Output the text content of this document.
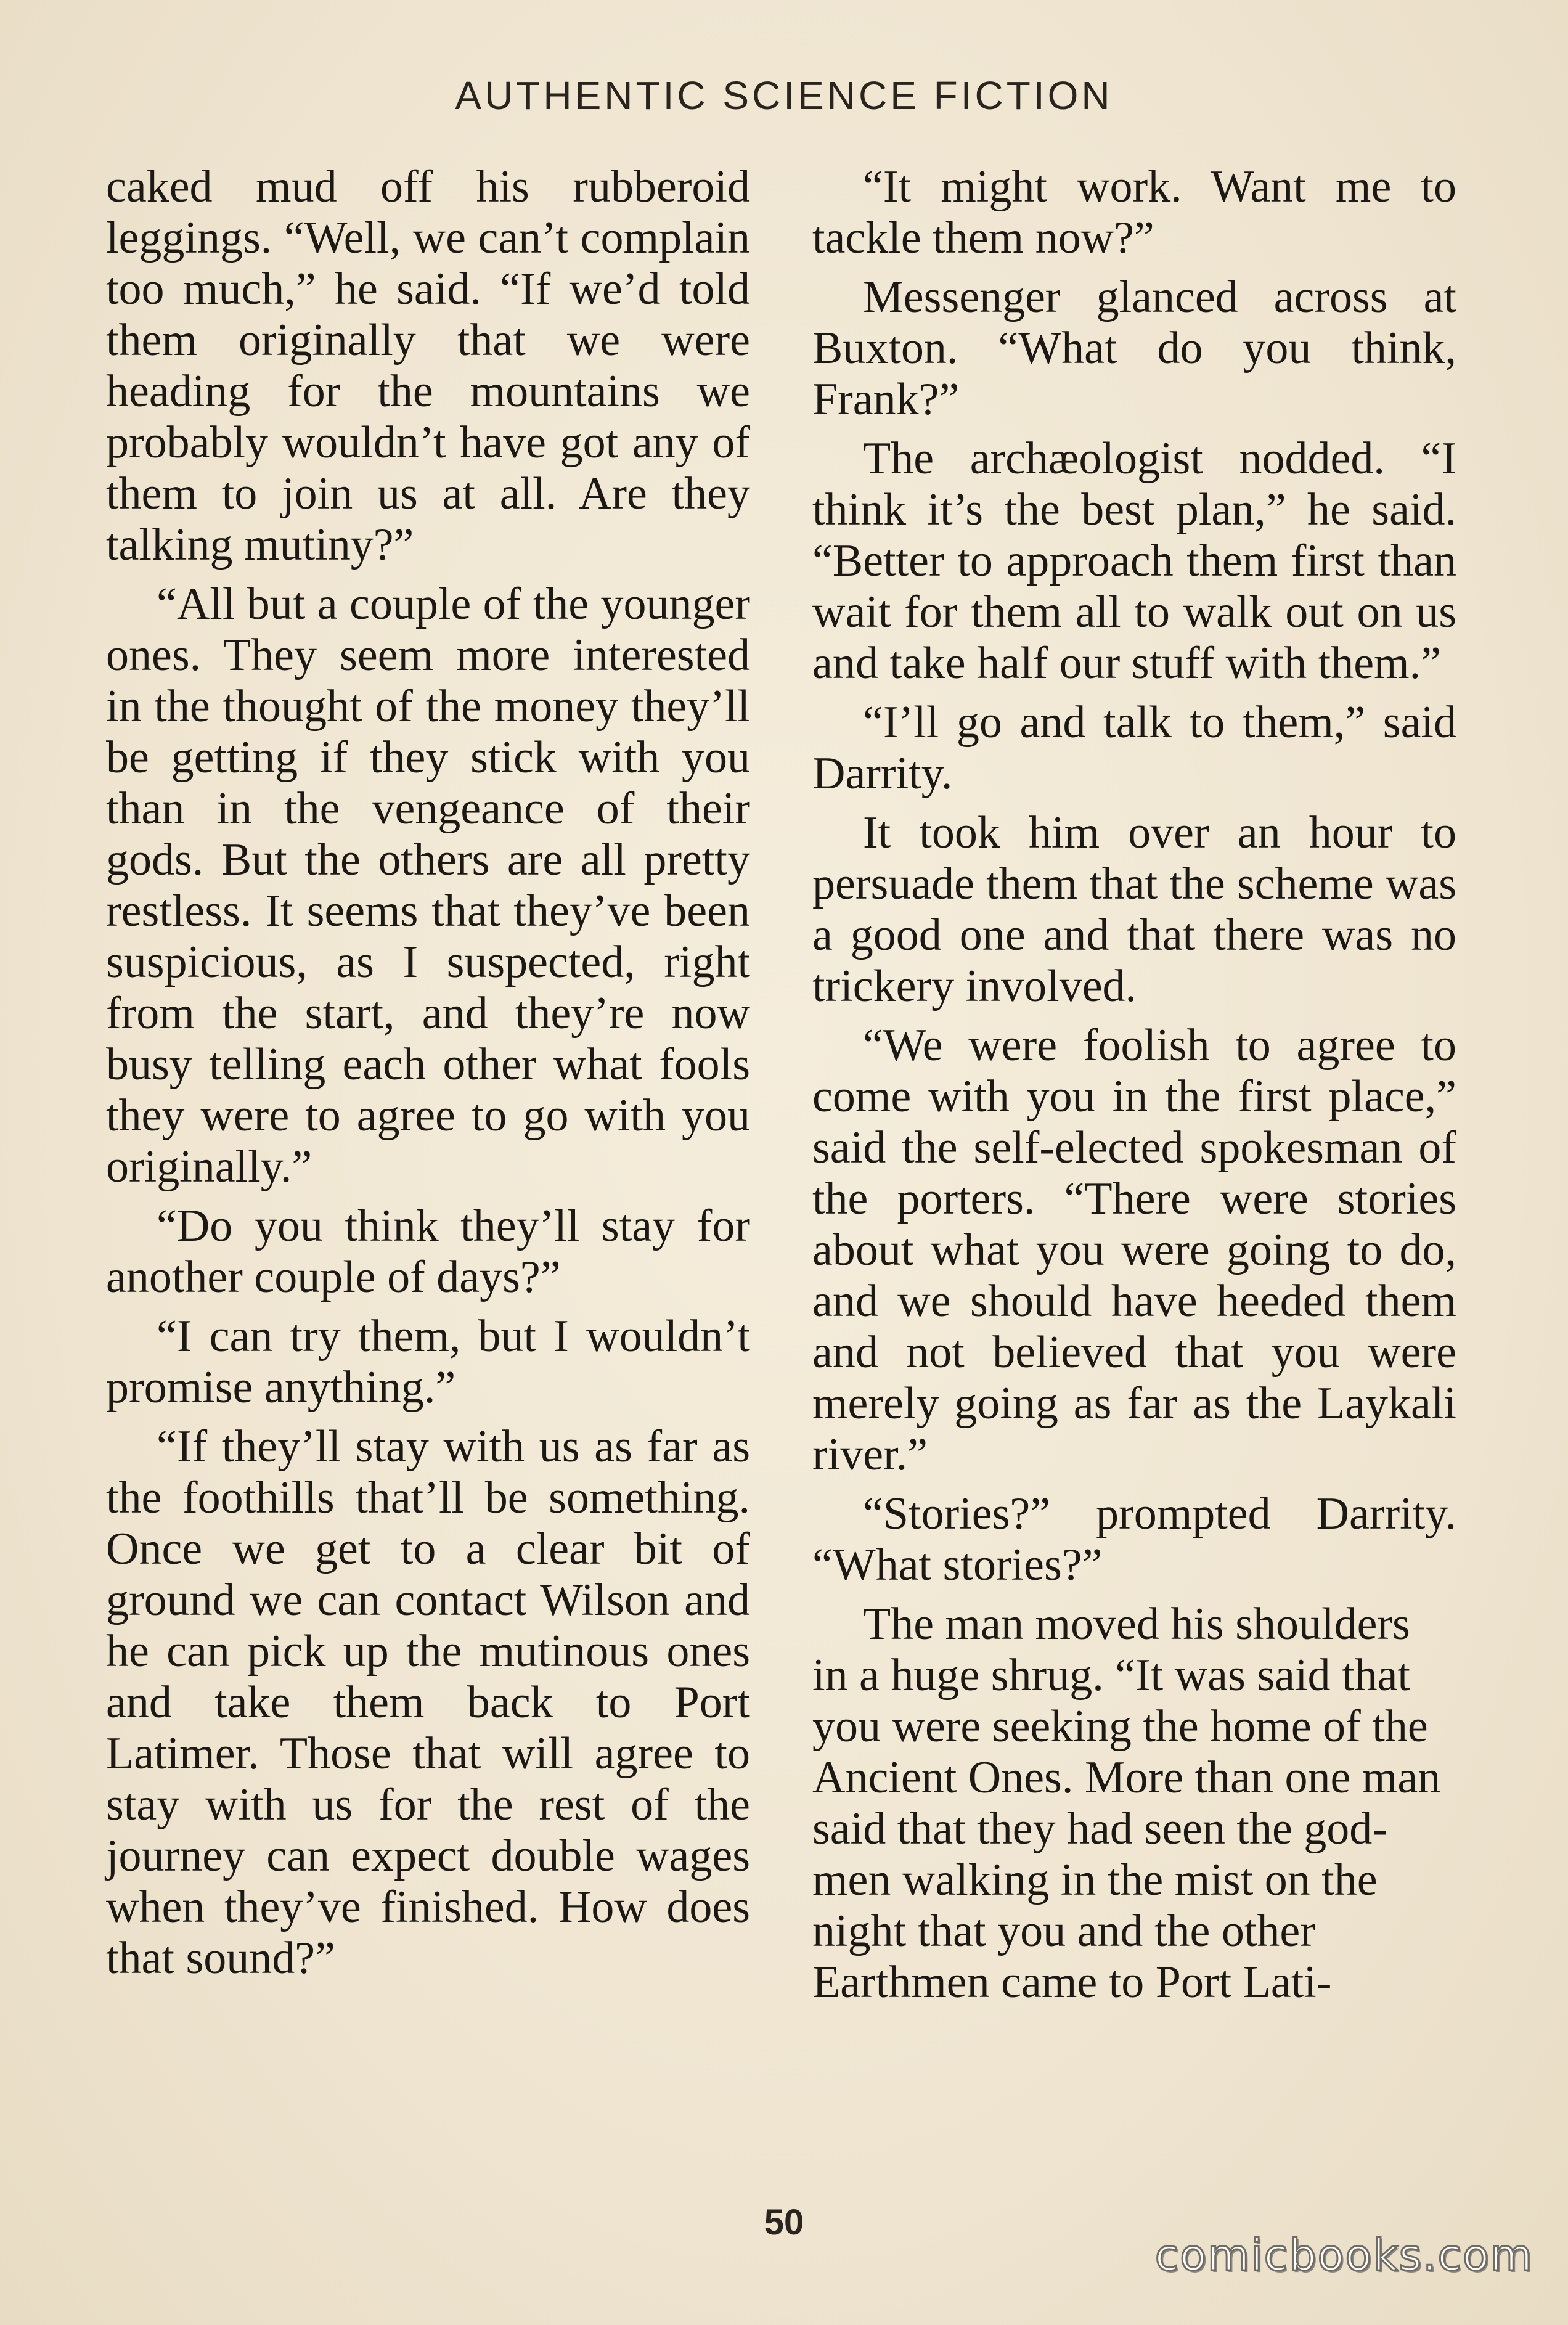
AUTHENTIC SCIENCE FICTION

caked mud off his rubberoid leggings. “Well, we can’t complain too much,” he said. “If we’d told them originally that we were heading for the mountains we probably wouldn’t have got any of them to join us at all. Are they talking mutiny?”

“All but a couple of the younger ones. They seem more interested in the thought of the money they’ll be getting if they stick with you than in the vengeance of their gods. But the others are all pretty restless. It seems that they’ve been suspicious, as I suspected, right from the start, and they’re now busy telling each other what fools they were to agree to go with you originally.”

“Do you think they’ll stay for another couple of days?”

“I can try them, but I wouldn’t promise anything.”

“If they’ll stay with us as far as the foothills that’ll be something. Once we get to a clear bit of ground we can contact Wilson and he can pick up the mutinous ones and take them back to Port Latimer. Those that will agree to stay with us for the rest of the journey can expect double wages when they’ve finished. How does that sound?”

“It might work. Want me to tackle them now?”

Messenger glanced across at Buxton. “What do you think, Frank?”

The archæologist nodded. “I think it’s the best plan,” he said. “Better to approach them first than wait for them all to walk out on us and take half our stuff with them.”

“I’ll go and talk to them,” said Darrity.

It took him over an hour to persuade them that the scheme was a good one and that there was no trickery involved.

“We were foolish to agree to come with you in the first place,” said the self-elected spokesman of the porters. “There were stories about what you were going to do, and we should have heeded them and not believed that you were merely going as far as the Laykali river.”

“Stories?” prompted Darrity. “What stories?”

The man moved his shoulders in a huge shrug. “It was said that you were seeking the home of the Ancient Ones. More than one man said that they had seen the god-men walking in the mist on the night that you and the other Earthmen came to Port Lati-

50
comicbooks.com
